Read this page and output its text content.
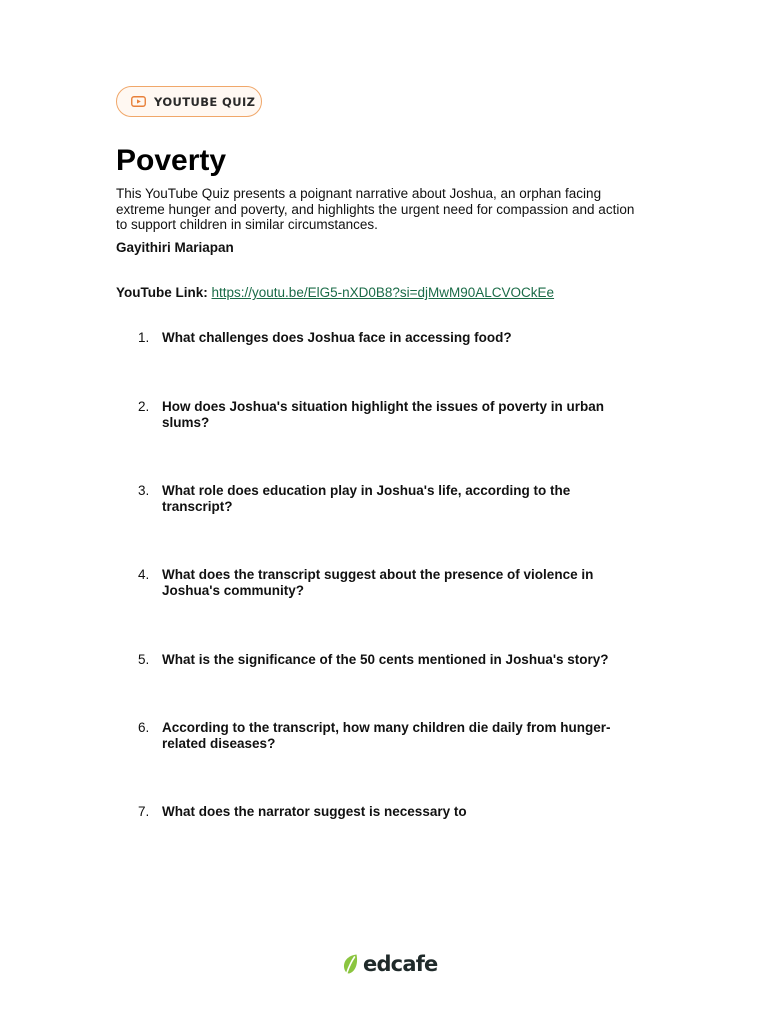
YOUTUBE QUIZ
Poverty

This YouTube Quiz presents a poignant narrative about Joshua, an orphan facing extreme hunger and poverty, and highlights the urgent need for compassion and action to support children in similar circumstances.

Gayithiri Mariapan

YouTube Link: https://youtu.be/ElG5-nXD0B8?si=djMwM90ALCVOCkEe

1. What challenges does Joshua face in accessing food?
2. How does Joshua's situation highlight the issues of poverty in urban slums?
3. What role does education play in Joshua's life, according to the transcript?
4. What does the transcript suggest about the presence of violence in Joshua's community?
5. What is the significance of the 50 cents mentioned in Joshua's story?
6. According to the transcript, how many children die daily from hunger-related diseases?
7. What does the narrator suggest is necessary to
edcafe
